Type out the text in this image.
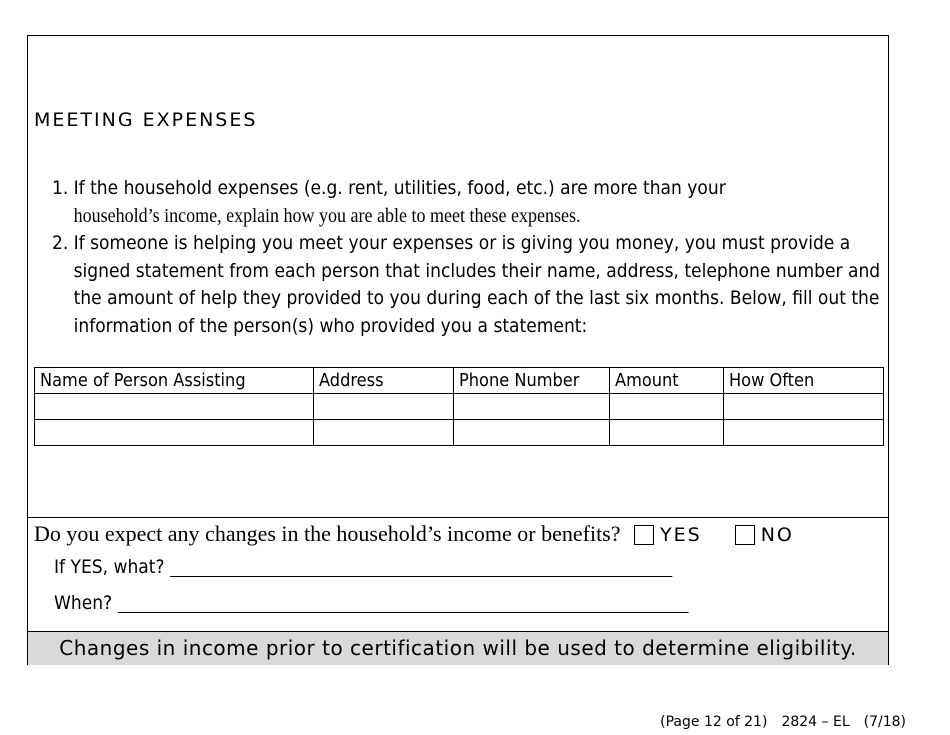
MEETING EXPENSES
1. If the household expenses (e.g. rent, utilities, food, etc.) are more than your
household’s income, explain how you are able to meet these expenses.
2. If someone is helping you meet your expenses or is giving you money, you must provide a signed statement from each person that includes their name, address, telephone number and the amount of help they provided to you during each of the last six months. Below, fill out the information of the person(s) who provided you a statement:
Name of Person Assisting	Address	Phone Number	Amount	How Often

Do you expect any changes in the household’s income or benefits? YES	NO
If YES, what?
When?
Changes in income prior to certification will be used to determine eligibility.
(Page 12 of 21) 2824 – EL (7/18)
